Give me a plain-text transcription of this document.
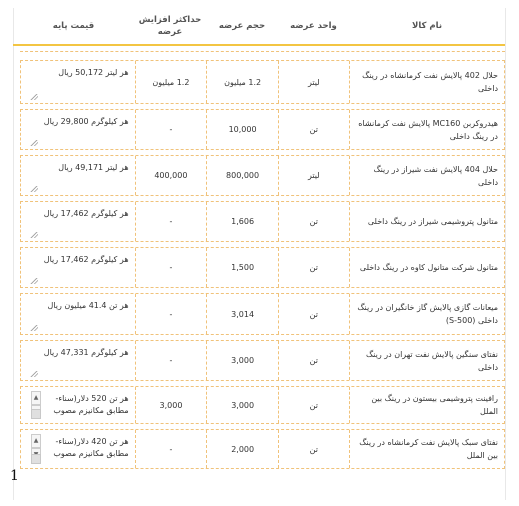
نام کالا
واحد عرضه
حجم عرضه
حداکثر افزایش عرضه
قیمت پایه
حلال 402 پالایش نفت کرمانشاه در رینگ داخلی
لیتر
1.2 میلیون
1.2 میلیون
هر لیتر 50,172 ریال
هیدروکربن MC160 پالایش نفت کرمانشاه در رینگ داخلی
تن
10,000
-
هر کیلوگرم 29,800 ریال
حلال 404 پالایش نفت شیراز در رینگ داخلی
لیتر
800,000
400,000
هر لیتر 49,171 ریال
متانول پتروشیمی شیراز در رینگ داخلی
تن
1,606
-
هر کیلوگرم 17,462 ریال
متانول شرکت متانول کاوه در رینگ داخلی
تن
1,500
-
هر کیلوگرم 17,462 ریال
میعانات گازی پالایش گاز خانگیران در رینگ داخلی (S-500)
تن
3,014
-
هر تن 41.4 میلیون ریال
نفتای سنگین پالایش نفت تهران در رینگ داخلی
تن
3,000
-
هر کیلوگرم 47,331 ریال
رافینت پتروشیمی بیستون در رینگ بین الملل
تن
3,000
3,000
هر تن 520 دلار(سناء- مطابق مکانیزم مصوب
▲
نفتای سبک پالایش نفت کرمانشاه در رینگ بین الملل
تن
2,000
-
هر تن 420 دلار(سناء- مطابق مکانیزم مصوب
▲
1
